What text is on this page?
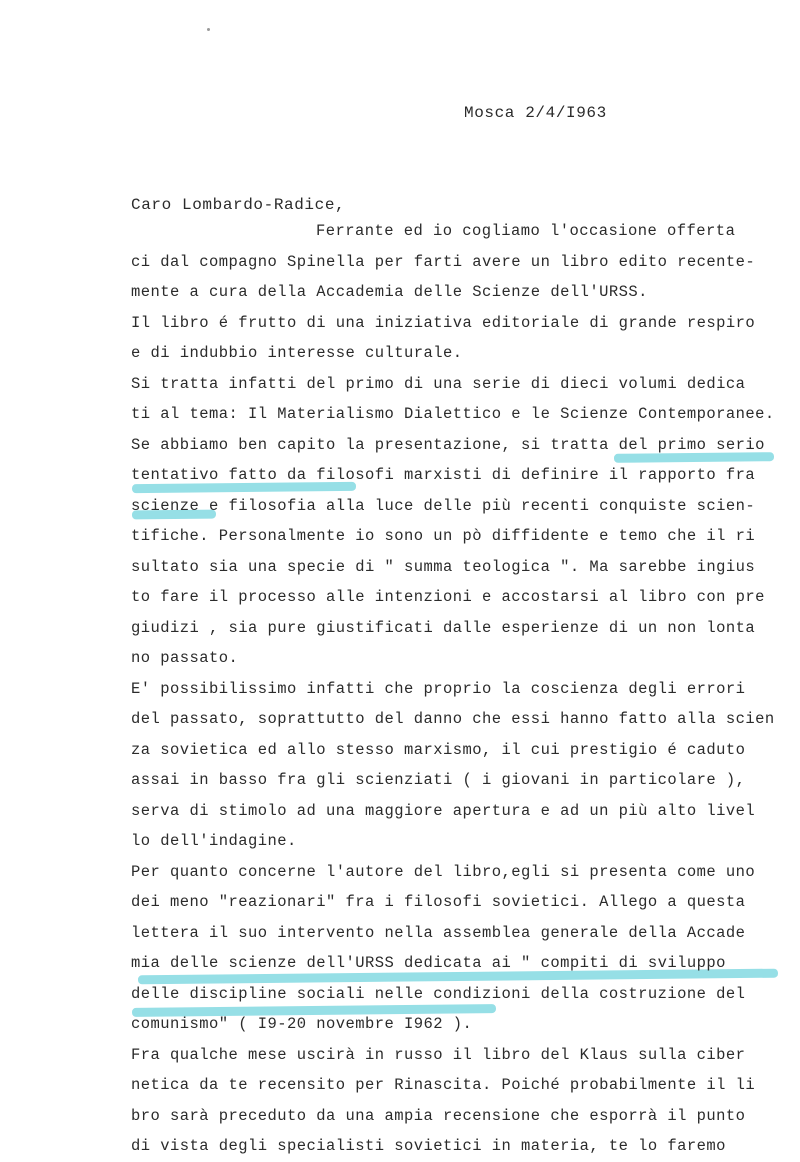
Mosca 2/4/I963
Caro Lombardo-Radice,
Ferrante ed io cogliamo l'occasione offerta
ci dal compagno Spinella per farti avere un libro edito recente-
mente a cura della Accademia delle Scienze dell'URSS.
Il libro é frutto di una iniziativa editoriale di grande respiro
e di indubbio interesse culturale.
Si tratta infatti del primo di una serie di dieci volumi dedica
ti al tema: Il Materialismo Dialettico e le Scienze Contemporanee.
Se abbiamo ben capito la presentazione, si tratta del primo serio
tentativo fatto da filosofi marxisti di definire il rapporto fra
scienze e filosofia alla luce delle più recenti conquiste scien-
tifiche. Personalmente io sono un pò diffidente e temo che il ri
sultato sia una specie di " summa teologica ". Ma sarebbe ingius
to fare il processo alle intenzioni e accostarsi al libro con pre
giudizi , sia pure giustificati dalle esperienze di un non lonta
no passato.
E' possibilissimo infatti che proprio la coscienza degli errori
del passato, soprattutto del danno che essi hanno fatto alla scien
za sovietica ed allo stesso marxismo, il cui prestigio é caduto
assai in basso fra gli scienziati ( i giovani in particolare ),
serva di stimolo ad una maggiore apertura e ad un più alto livel
lo dell'indagine.
Per quanto concerne l'autore del libro,egli si presenta come uno
dei meno "reazionari" fra i filosofi sovietici. Allego a questa
lettera il suo intervento nella assemblea generale della Accade
mia delle scienze dell'URSS dedicata ai " compiti di sviluppo
delle discipline sociali nelle condizioni della costruzione del
comunismo" ( I9-20 novembre I962 ).
Fra qualche mese uscirà in russo il libro del Klaus sulla ciber
netica da te recensito per Rinascita. Poiché probabilmente il li
bro sarà preceduto da una ampia recensione che esporrà il punto
di vista degli specialisti sovietici in materia, te lo faremo
